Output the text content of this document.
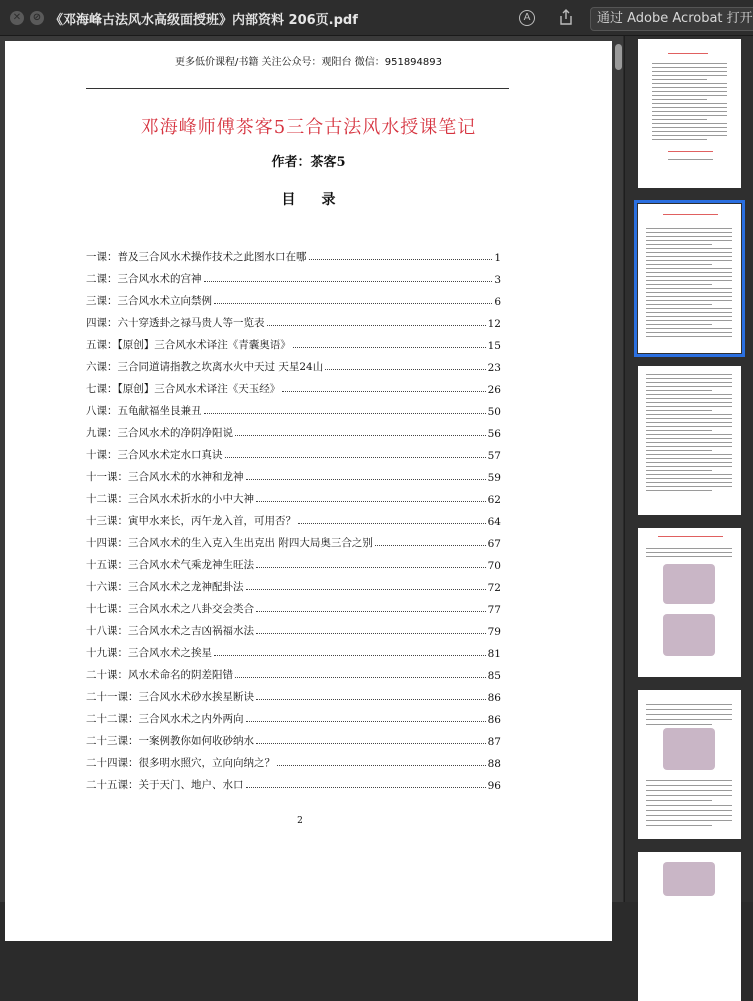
✕ ⊘ 《邓海峰古法风水高级面授班》内部资料 206页.pdf	A	通过 Adobe Acrobat 打开
更多低价课程/书籍 关注公众号：观阳台 微信：951894893
邓海峰师傅茶客5三合古法风水授课笔记
作者：茶客5
目录
一课：普及三合风水术操作技术之此图水口在哪	1
二课：三合风水术的宫神	3
三课：三合风水术立向禁例	6
四课：六十穿透卦之禄马贵人等一览表	12
五课：【原创】三合风水术译注《青囊奥语》	15
六课：三合同道请指教之坎离水火中天过 天星24山	23
七课：【原创】三合风水术译注《天玉经》	26
八课：五龟献福坐艮兼丑	50
九课：三合风水术的净阴净阳说	56
十课：三合风水术定水口真诀	57
十一课：三合风水术的水神和龙神	59
十二课：三合风水术折水的小中大神	62
十三课：寅甲水来长，丙午龙入首，可用否？	64
十四课：三合风水术的生入克入生出克出 附四大局奥三合之别	67
十五课：三合风水术气乘龙神生旺法	70
十六课：三合风水术之龙神配卦法	72
十七课：三合风水术之八卦交会类合	77
十八课：三合风水术之吉凶祸福水法	79
十九课：三合风水术之挨星	81
二十课：风水术命名的阴差阳错	85
二十一课：三合风水术砂水挨星断诀	86
二十二课：三合风水术之内外两向	86
二十三课：一案例教你如何收砂纳水	87
二十四课：很多明水照穴，立向向纳之？	88
二十五课：关于天门、地户、水口	96
2
